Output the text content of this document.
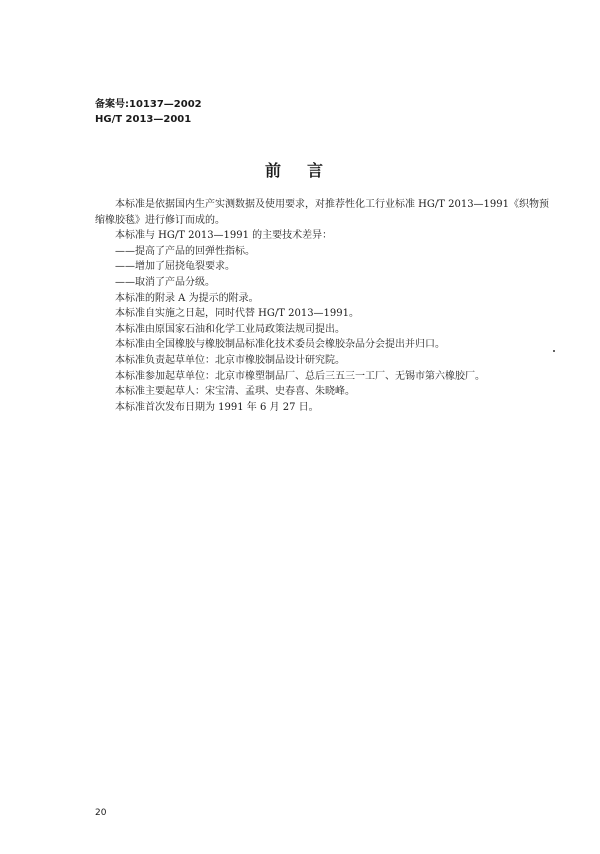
备案号:10137—2002
HG/T 2013—2001
前言

本标准是依据国内生产实测数据及使用要求，对推荐性化工行业标准 HG/T 2013—1991《织物预

缩橡胶毯》进行修订而成的。

本标准与 HG/T 2013—1991 的主要技术差异：

——提高了产品的回弹性指标。

——增加了屈挠龟裂要求。

——取消了产品分级。

本标准的附录 A 为提示的附录。

本标准自实施之日起，同时代替 HG/T 2013—1991。

本标准由原国家石油和化学工业局政策法规司提出。

本标准由全国橡胶与橡胶制品标准化技术委员会橡胶杂品分会提出并归口。

本标准负责起草单位：北京市橡胶制品设计研究院。

本标准参加起草单位：北京市橡塑制品厂、总后三五三一工厂、无锡市第六橡胶厂。

本标准主要起草人：宋宝清、孟琪、史春喜、朱晓峰。

本标准首次发布日期为 1991 年 6 月 27 日。

20
